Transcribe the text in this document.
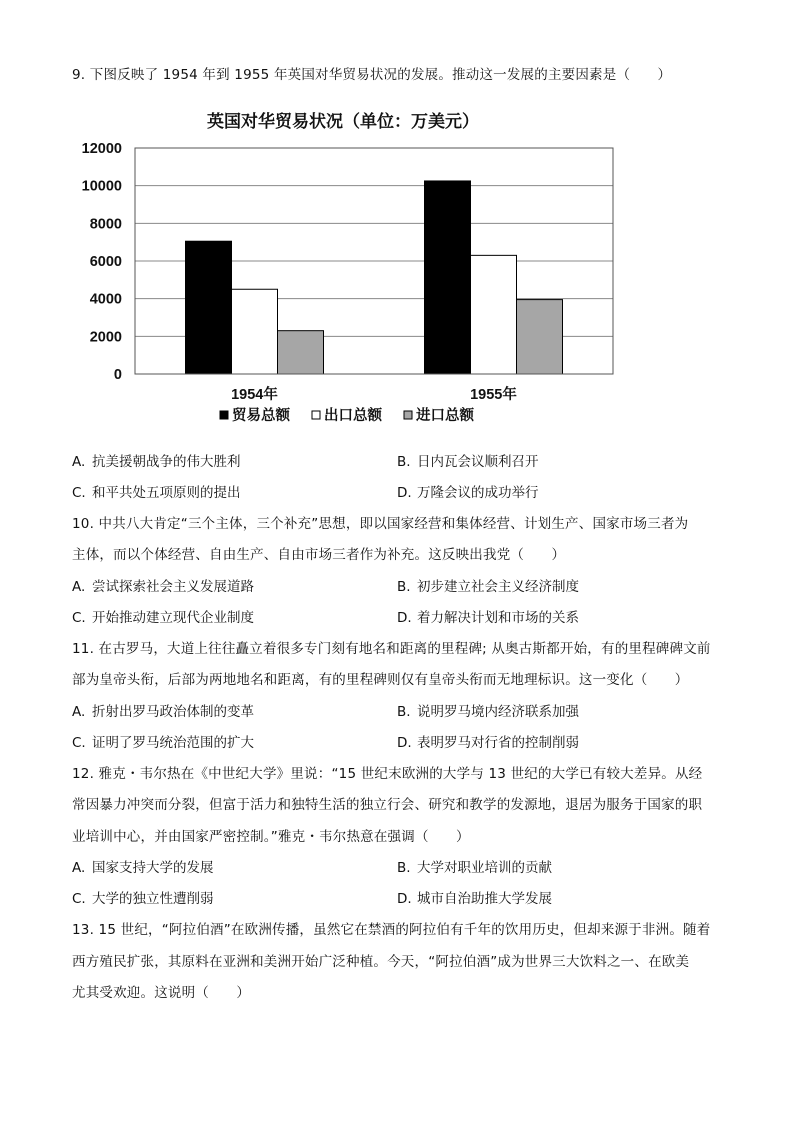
9. 下图反映了 1954 年到 1955 年英国对华贸易状况的发展。推动这一发展的主要因素是（　　）
英国对华贸易状况（单位：万美元）
0
2000
4000
6000
8000
10000
12000
1954年	1955年
贸易总额 出口总额 进口总额
A. 抗美援朝战争的伟大胜利	B. 日内瓦会议顺利召开
C. 和平共处五项原则的提出	D. 万隆会议的成功举行
10. 中共八大肯定“三个主体，三个补充”思想，即以国家经营和集体经营、计划生产、国家市场三者为
主体，而以个体经营、自由生产、自由市场三者作为补充。这反映出我党（　　）
A. 尝试探索社会主义发展道路	B. 初步建立社会主义经济制度
C. 开始推动建立现代企业制度	D. 着力解决计划和市场的关系
11. 在古罗马，大道上往往矗立着很多专门刻有地名和距离的里程碑; 从奥古斯都开始，有的里程碑碑文前
部为皇帝头衔，后部为两地地名和距离，有的里程碑则仅有皇帝头衔而无地理标识。这一变化（　　）
A. 折射出罗马政治体制的变革	B. 说明罗马境内经济联系加强
C. 证明了罗马统治范围的扩大	D. 表明罗马对行省的控制削弱
12. 雅克・韦尔热在《中世纪大学》里说：“15 世纪末欧洲的大学与 13 世纪的大学已有较大差异。从经
常因暴力冲突而分裂，但富于活力和独特生活的独立行会、研究和教学的发源地，退居为服务于国家的职
业培训中心，并由国家严密控制。”雅克・韦尔热意在强调（　　）
A. 国家支持大学的发展	B. 大学对职业培训的贡献
C. 大学的独立性遭削弱	D. 城市自治助推大学发展
13. 15 世纪，“阿拉伯酒”在欧洲传播，虽然它在禁酒的阿拉伯有千年的饮用历史，但却来源于非洲。随着
西方殖民扩张，其原料在亚洲和美洲开始广泛种植。今天，“阿拉伯酒”成为世界三大饮料之一、在欧美
尤其受欢迎。这说明（　　）
